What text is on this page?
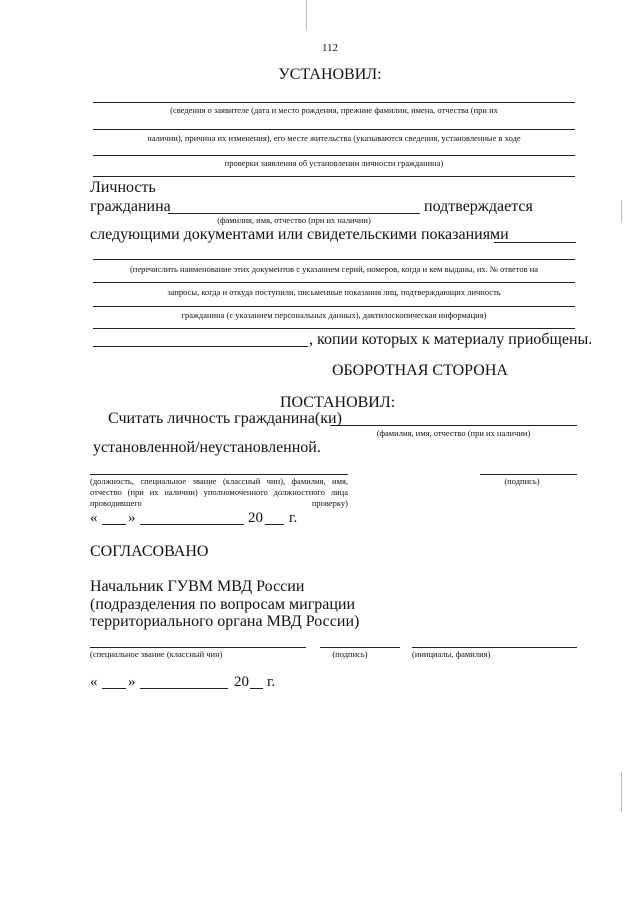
112
УСТАНОВИЛ:
(сведения о заявителе (дата и место рождения, прежние фамилии, имена, отчества (при их
наличии), причина их изменения), его месте жительства (указываются сведения, установленные в ходе
проверки заявления об установлении личности гражданина)
Личность
гражданина	подтверждается
(фамилия, имя, отчество (при их наличии)
следующими документами или свидетельскими показаниями
(перечислить наименование этих документов с указанием серий, номеров, когда и кем выданы, их. № ответов на
запросы, когда и откуда поступили, письменные показания лиц, подтверждающих личность
гражданина (с указанием персональных данных), дактилоскопическая информация)
, копии которых к материалу приобщены.
ОБОРОТНАЯ СТОРОНА
ПОСТАНОВИЛ:
Считать личность гражданина(ки)
(фамилия, имя, отчество (при их наличии)
установленной/неустановленной.
(должность, специальное звание (классный чин), фамилия, имя, отчество (при их наличии) уполномоченного должностного лица проводившего проверку)
(подпись)
« »	20 г.
СОГЛАСОВАНО
Начальник ГУВМ МВД России
(подразделения по вопросам миграции
территориального органа МВД России)
(специальное звание (классный чин)	(подпись)	(инициалы, фамилия)
« »	20 г.
